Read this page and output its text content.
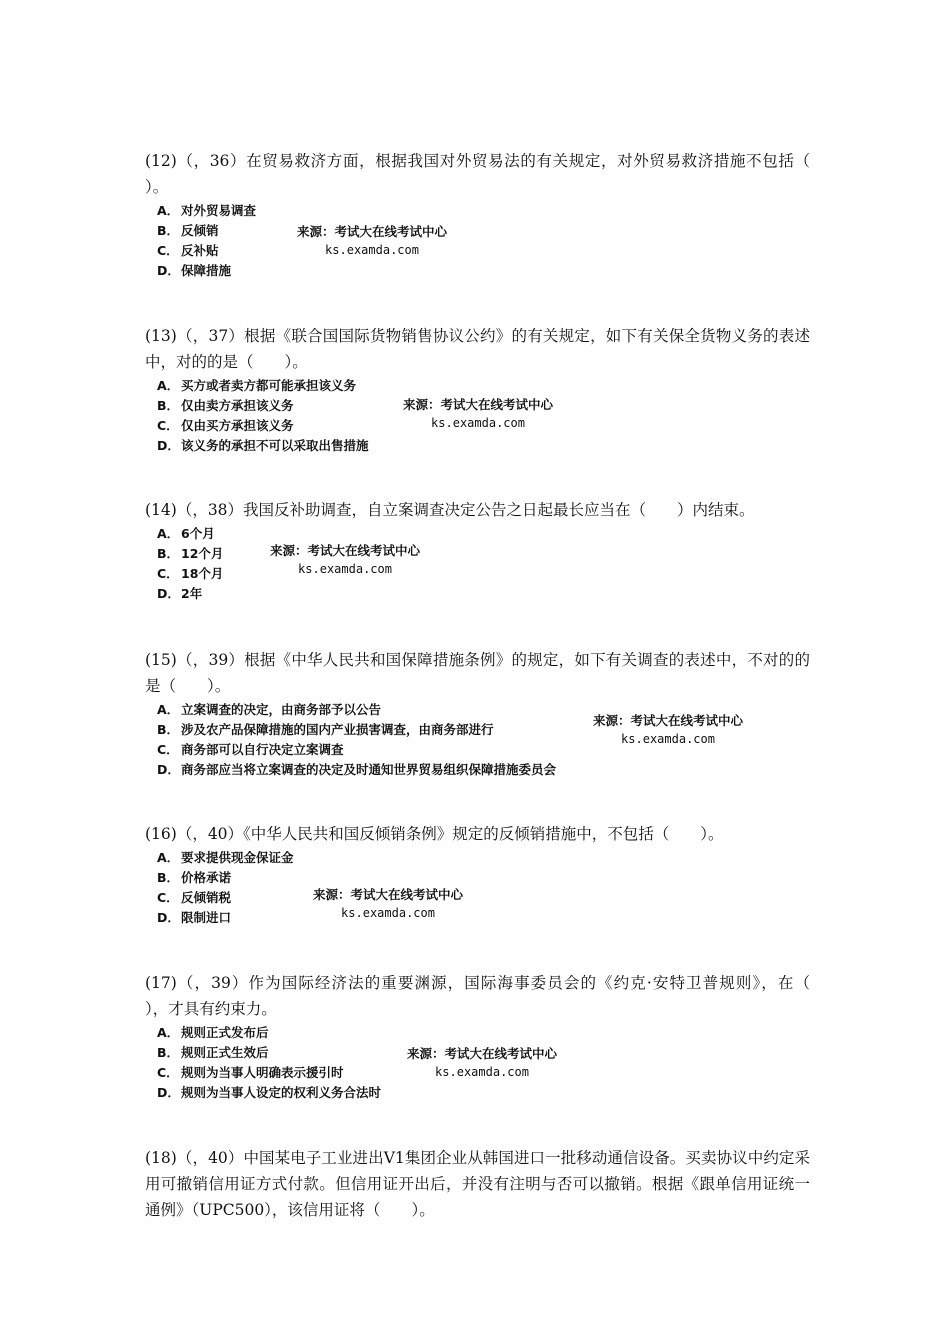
(12)（，36）在贸易救济方面，根据我国对外贸易法的有关规定，对外贸易救济措施不包括（　　）。

A． 对外贸易调查
B． 反倾销
C． 反补贴
D．保障措施
来源：考试大在线考试中心
ks.examda.com

(13)（，37）根据《联合国国际货物销售协议公约》的有关规定，如下有关保全货物义务的表述中，对的的是（　　）。

A． 买方或者卖方都可能承担该义务
B． 仅由卖方承担该义务
C． 仅由买方承担该义务
D．该义务的承担不可以采取出售措施
来源：考试大在线考试中心
ks.examda.com

(14)（，38）我国反补助调查，自立案调查决定公告之日起最长应当在（　　）内结束。

A． 6个月
B． 12个月
C． 18个月
D．2年
来源：考试大在线考试中心
ks.examda.com

(15)（，39）根据《中华人民共和国保障措施条例》的规定，如下有关调查的表述中，不对的的是（　　）。

A． 立案调查的决定，由商务部予以公告
B． 涉及农产品保障措施的国内产业损害调查，由商务部进行
C． 商务部可以自行决定立案调查
D．商务部应当将立案调查的决定及时通知世界贸易组织保障措施委员会
来源：考试大在线考试中心
ks.examda.com

(16)（，40）《中华人民共和国反倾销条例》规定的反倾销措施中，不包括（　　）。

A． 要求提供现金保证金
B． 价格承诺
C． 反倾销税
D．限制进口
来源：考试大在线考试中心
ks.examda.com

(17)（，39）作为国际经济法的重要渊源，国际海事委员会的《约克·安特卫普规则》，在（　　），才具有约束力。

A． 规则正式发布后
B． 规则正式生效后
C． 规则为当事人明确表示援引时
D．规则为当事人设定的权利义务合法时
来源：考试大在线考试中心
ks.examda.com

(18)（，40）中国某电子工业进出V1集团企业从韩国进口一批移动通信设备。买卖协议中约定采用可撤销信用证方式付款。但信用证开出后，并没有注明与否可以撤销。根据《跟单信用证统一通例》（UPC500），该信用证将（　　）。
